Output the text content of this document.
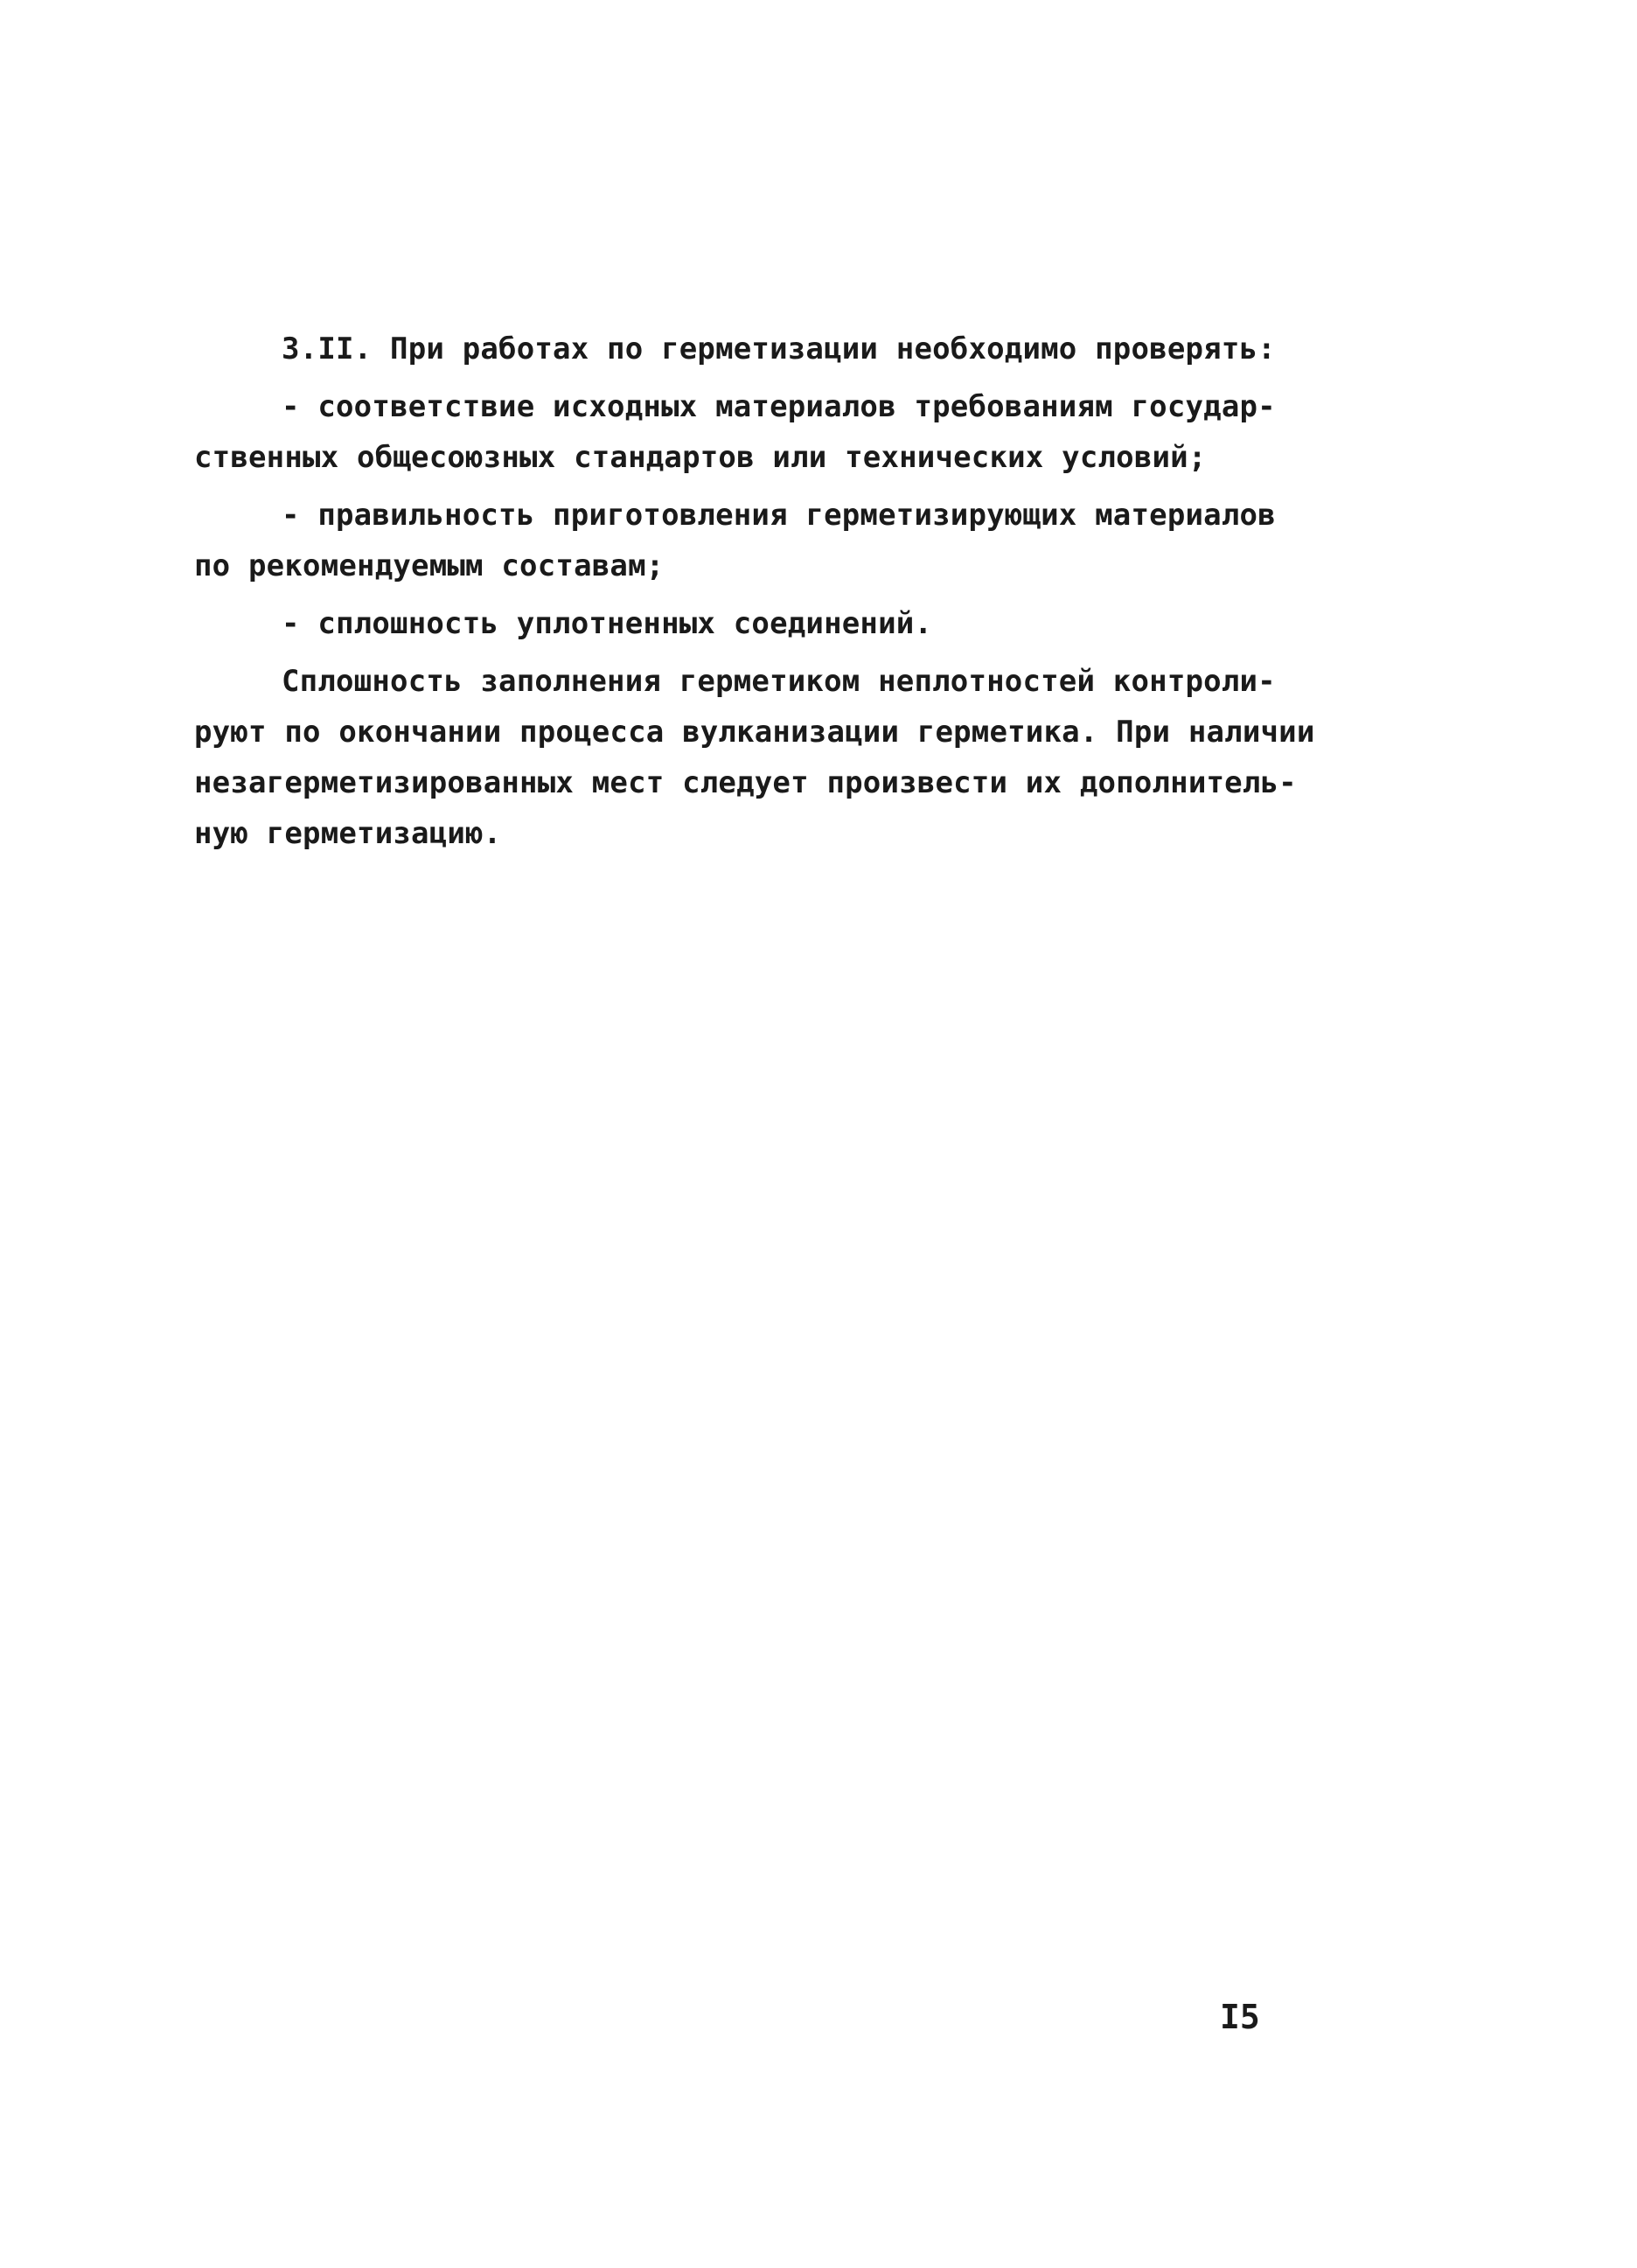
3.II. При работах по герметизации необходимо проверять:
- соответствие исходных материалов требованиям государ-
ственных общесоюзных стандартов или технических условий;
- правильность приготовления герметизирующих материалов
по рекомендуемым составам;
- сплошность уплотненных соединений.
Сплошность заполнения герметиком неплотностей контроли-
руют по окончании процесса вулканизации герметика. При наличии
незагерметизированных мест следует произвести их дополнитель-
ную герметизацию.
I5
